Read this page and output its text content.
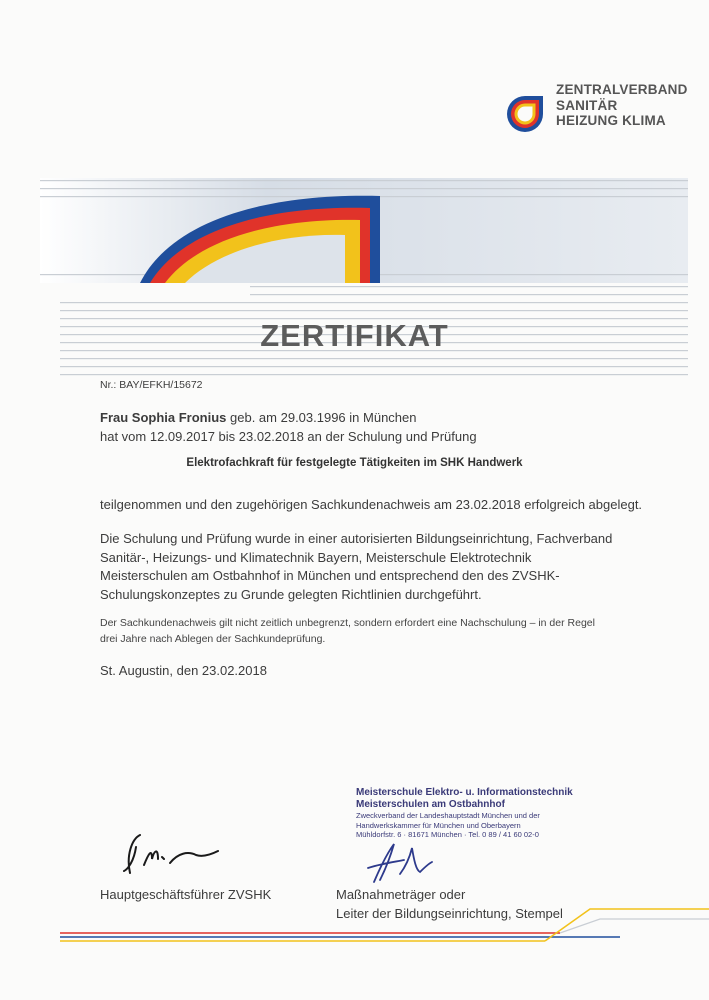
ZENTRALVERBAND
SANITÄR
HEIZUNG KLIMA
ZERTIFIKAT
Nr.: BAY/EFKH/15672
Frau Sophia Fronius geb. am 29.03.1996 in München
hat vom 12.09.2017 bis 23.02.2018 an der Schulung und Prüfung
Elektrofachkraft für festgelegte Tätigkeiten im SHK Handwerk
teilgenommen und den zugehörigen Sachkundenachweis am 23.02.2018 erfolgreich abgelegt.
Die Schulung und Prüfung wurde in einer autorisierten Bildungseinrichtung, Fachverband Sanitär-, Heizungs- und Klimatechnik Bayern, Meisterschule Elektrotechnik Meisterschulen am Ostbahnhof in München und entsprechend den des ZVSHK-Schulungskonzeptes zu Grunde gelegten Richtlinien durchgeführt.
Der Sachkundenachweis gilt nicht zeitlich unbegrenzt, sondern erfordert eine Nachschulung – in der Regel drei Jahre nach Ablegen der Sachkundeprüfung.
St. Augustin, den 23.02.2018
Hauptgeschäftsführer ZVSHK
Meisterschule Elektro- u. Informationstechnik
Meisterschulen am Ostbahnhof
Zweckverband der Landeshauptstadt München und der
Handwerkskammer für München und Oberbayern
Mühldorfstr. 6 · 81671 München · Tel. 0 89 / 41 60 02-0
Maßnahmeträger oder
Leiter der Bildungseinrichtung, Stempel
